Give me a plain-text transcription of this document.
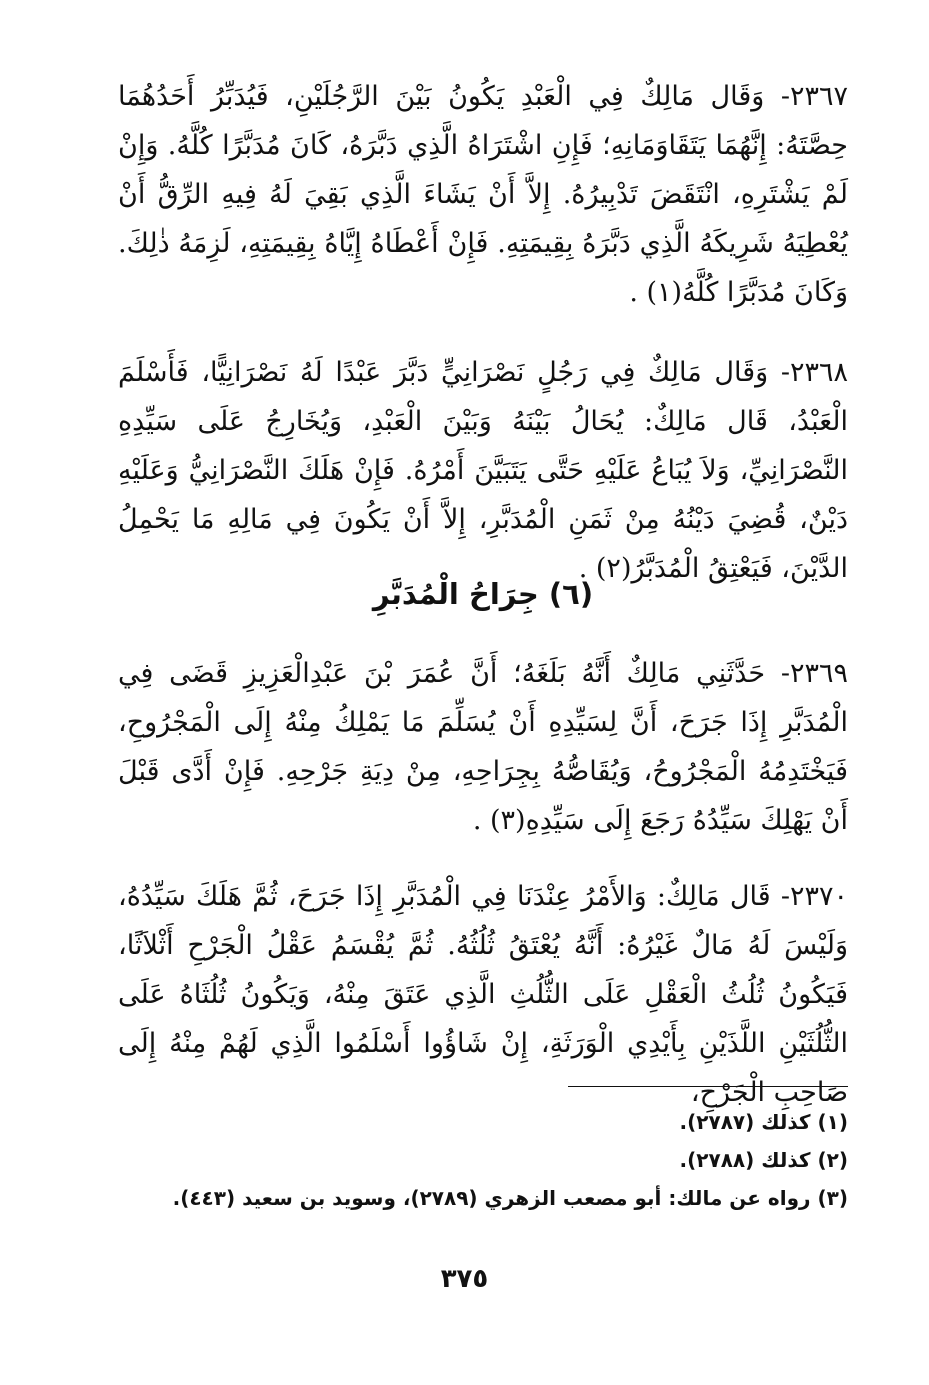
٢٣٦٧- وَقَال مَالِكٌ فِي الْعَبْدِ يَكُونُ بَيْنَ الرَّجُلَيْنِ، فَيُدَبِّرُ أَحَدُهُمَا حِصَّتَهُ: إِنَّهُمَا يَتَقَاوَمَانِهِ؛ فَإِنِ اشْتَرَاهُ الَّذِي دَبَّرَهُ، كَانَ مُدَبَّرًا كُلَّهُ. وَإِنْ لَمْ يَشْتَرِهِ، انْتَقَضَ تَدْبِيرُهُ. إِلاَّ أَنْ يَشَاءَ الَّذِي بَقِيَ لَهُ فِيهِ الرِّقُّ أَنْ يُعْطِيَهُ شَرِيكَهُ الَّذِي دَبَّرَهُ بِقِيمَتِهِ. فَإِنْ أَعْطَاهُ إِيَّاهُ بِقِيمَتِهِ، لَزِمَهُ ذٰلِكَ. وَكَانَ مُدَبَّرًا كُلَّهُ(١) .

٢٣٦٨- وَقَال مَالِكٌ فِي رَجُلٍ نَصْرَانِيٍّ دَبَّرَ عَبْدًا لَهُ نَصْرَانِيًّا، فَأَسْلَمَ الْعَبْدُ، قَال مَالِكٌ: يُحَالُ بَيْنَهُ وَبَيْنَ الْعَبْدِ، وَيُخَارِجُ عَلَى سَيِّدِهِ النَّصْرَانِيِّ، وَلاَ يُبَاعُ عَلَيْهِ حَتَّى يَتَبَيَّنَ أَمْرُهُ. فَإِنْ هَلَكَ النَّصْرَانِيُّ وَعَلَيْهِ دَيْنٌ، قُضِيَ دَيْنُهُ مِنْ ثَمَنِ الْمُدَبَّرِ، إِلاَّ أَنْ يَكُونَ فِي مَالِهِ مَا يَحْمِلُ الدَّيْنَ، فَيَعْتِقُ الْمُدَبَّرُ(٢) .

(٦) جِرَاحُ الْمُدَبَّرِ

٢٣٦٩- حَدَّثَنِي مَالِكٌ أَنَّهُ بَلَغَهُ؛ أَنَّ عُمَرَ بْنَ عَبْدِالْعَزِيزِ قَضَى فِي الْمُدَبَّرِ إِذَا جَرَحَ، أَنَّ لِسَيِّدِهِ أَنْ يُسَلِّمَ مَا يَمْلِكُ مِنْهُ إِلَى الْمَجْرُوحِ، فَيَخْتَدِمُهُ الْمَجْرُوحُ، وَيُقَاصُّهُ بِجِرَاحِهِ، مِنْ دِيَةِ جَرْحِهِ. فَإِنْ أَدَّى قَبْلَ أَنْ يَهْلِكَ سَيِّدُهُ رَجَعَ إِلَى سَيِّدِهِ(٣) .

٢٣٧٠- قَال مَالِكٌ: وَالأَمْرُ عِنْدَنَا فِي الْمُدَبَّرِ إِذَا جَرَحَ، ثُمَّ هَلَكَ سَيِّدُهُ، وَلَيْسَ لَهُ مَالٌ غَيْرُهُ: أَنَّهُ يُعْتَقُ ثُلُثُهُ. ثُمَّ يُقْسَمُ عَقْلُ الْجَرْحِ أَثْلاَثًا، فَيَكُونُ ثُلُثُ الْعَقْلِ عَلَى الثُّلُثِ الَّذِي عَتَقَ مِنْهُ، وَيَكُونُ ثُلُثَاهُ عَلَى الثُّلُثَيْنِ اللَّذَيْنِ بِأَيْدِي الْوَرَثَةِ، إِنْ شَاؤُوا أَسْلَمُوا الَّذِي لَهُمْ مِنْهُ إِلَى صَاحِبِ الْجَرْحِ،

(١) كذلك (٢٧٨٧).

(٢) كذلك (٢٧٨٨).

(٣) رواه عن مالك: أبو مصعب الزهري (٢٧٨٩)، وسويد بن سعيد (٤٤٣).

٣٧٥
